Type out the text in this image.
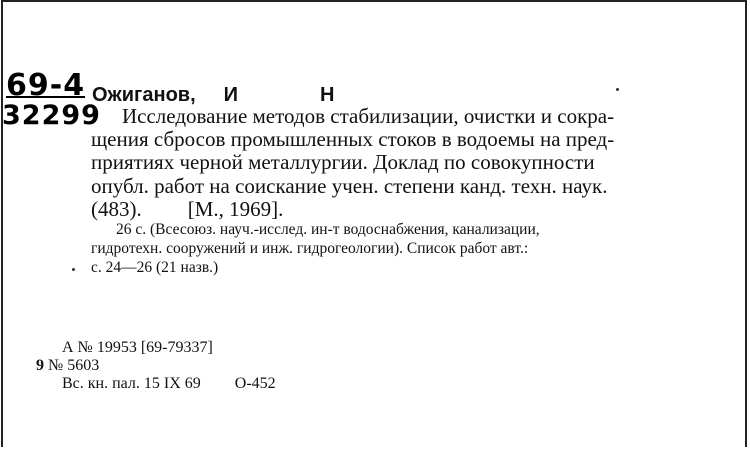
69-4
32299
Ожиганов, И	Н
Исследование методов стабилизации, очистки и сокра-
щения сбросов промышленных стоков в водоемы на пред-
приятиях черной металлургии. Доклад по совокупности
опубл. работ на соискание учен. степени канд. техн. наук.
(483). [М., 1969].
26 с. (Всесоюз. науч.-исслед. ин-т водоснабжения, канализации,
гидротехн. сооружений и инж. гидрогеологии). Список работ авт.:
с. 24—26 (21 назв.)
А № 19953 [69-79337]
9 № 5603
Вс. кн. пал. 15 IX 69 О-452
